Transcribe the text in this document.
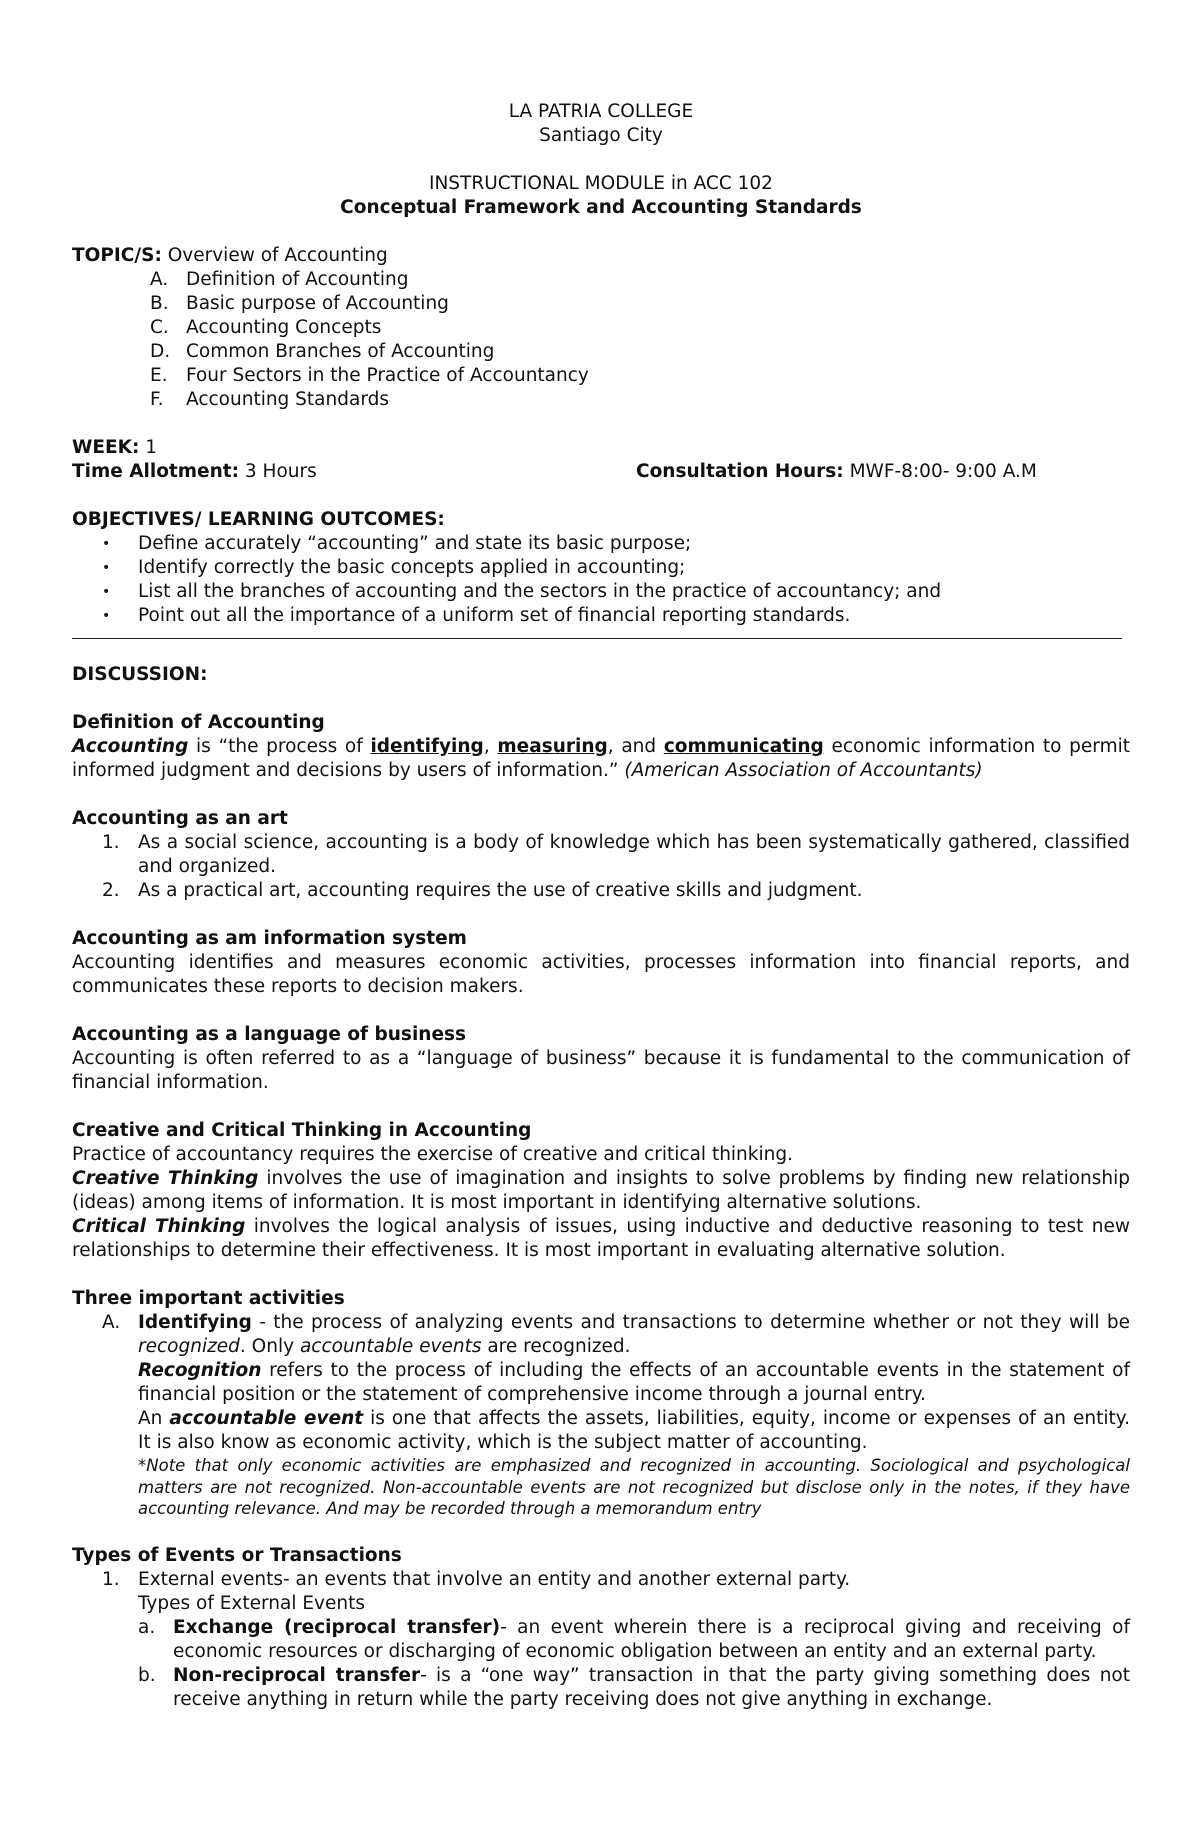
LA PATRIA COLLEGE

Santiago City

INSTRUCTIONAL MODULE in ACC 102

Conceptual Framework and Accounting Standards

TOPIC/S: Overview of Accounting

A. Definition of Accounting
B. Basic purpose of Accounting
C. Accounting Concepts
D. Common Branches of Accounting
E. Four Sectors in the Practice of Accountancy
F.	Accounting Standards

WEEK: 1

Time Allotment: 3 Hours	Consultation Hours: MWF-8:00- 9:00 A.M

OBJECTIVES/ LEARNING OUTCOMES:

•	Define accurately “accounting” and state its basic purpose;
•	Identify correctly the basic concepts applied in accounting;
•	List all the branches of accounting and the sectors in the practice of accountancy; and
•	Point out all the importance of a uniform set of financial reporting standards.

DISCUSSION:

Definition of Accounting

Accounting is “the process of identifying, measuring, and communicating economic information to permit informed judgment and decisions by users of information.” (American Association of Accountants)

Accounting as an art

1. As a social science, accounting is a body of knowledge which has been systematically gathered, classified and organized.
2. As a practical art, accounting requires the use of creative skills and judgment.

Accounting as am information system

Accounting identifies and measures economic activities, processes information into financial reports, and communicates these reports to decision makers.

Accounting as a language of business

Accounting is often referred to as a “language of business” because it is fundamental to the communication of financial information.

Creative and Critical Thinking in Accounting

Practice of accountancy requires the exercise of creative and critical thinking.

Creative Thinking involves the use of imagination and insights to solve problems by finding new relationship (ideas) among items of information. It is most important in identifying alternative solutions.

Critical Thinking involves the logical analysis of issues, using inductive and deductive reasoning to test new relationships to determine their effectiveness. It is most important in evaluating alternative solution.

Three important activities

A. Identifying - the process of analyzing events and transactions to determine whether or not they will be recognized. Only accountable events are recognized.

Recognition refers to the process of including the effects of an accountable events in the statement of financial position or the statement of comprehensive income through a journal entry.

An accountable event is one that affects the assets, liabilities, equity, income or expenses of an entity. It is also know as economic activity, which is the subject matter of accounting.

*Note that only economic activities are emphasized and recognized in accounting. Sociological and psychological matters are not recognized. Non-accountable events are not recognized but disclose only in the notes, if they have accounting relevance. And may be recorded through a memorandum entry

Types of Events or Transactions

1. External events- an events that involve an entity and another external party.

Types of External Events

a. Exchange (reciprocal transfer)- an event wherein there is a reciprocal giving and receiving of economic resources or discharging of economic obligation between an entity and an external party.
b. Non-reciprocal transfer- is a “one way” transaction in that the party giving something does not receive anything in return while the party receiving does not give anything in exchange.
